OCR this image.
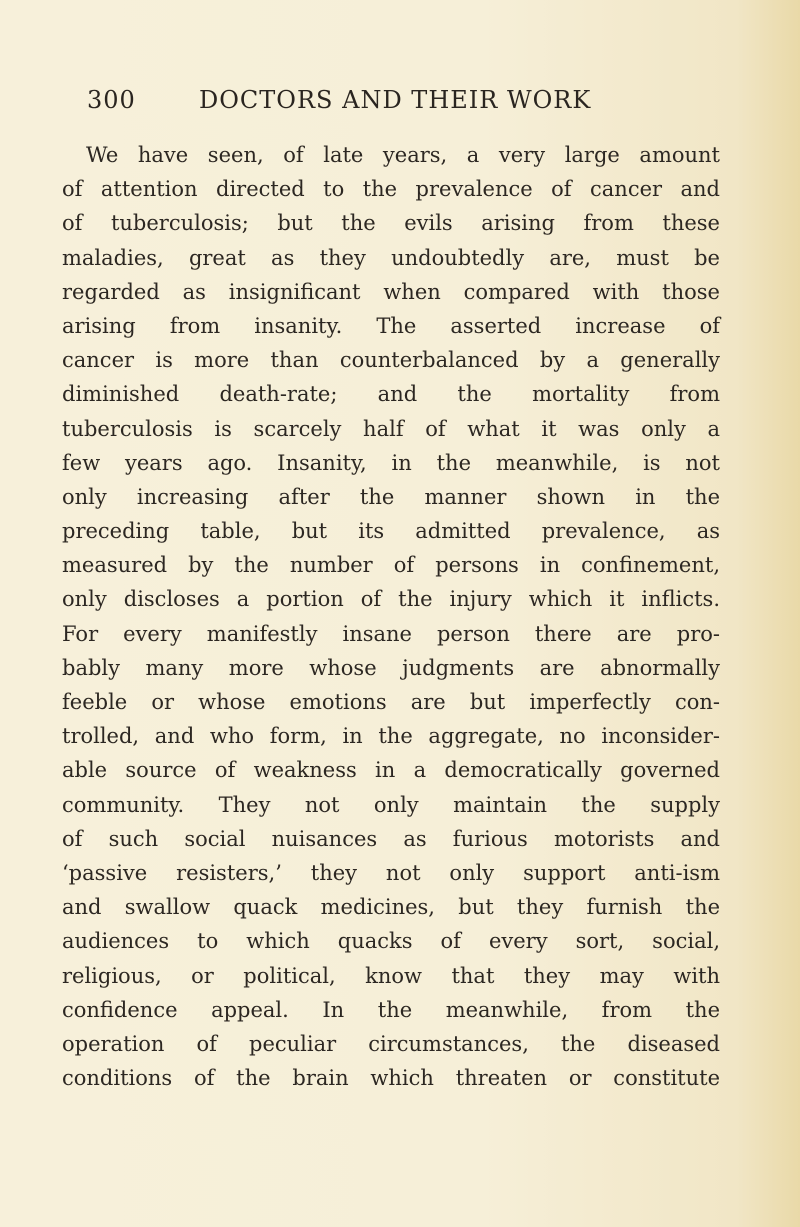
300	DOCTORS AND THEIR WORK
We have seen, of late years, a very large amount
of attention directed to the prevalence of cancer and
of tuberculosis; but the evils arising from these
maladies, great as they undoubtedly are, must be
regarded as insignificant when compared with those
arising from insanity. The asserted increase of
cancer is more than counterbalanced by a generally
diminished death-rate; and the mortality from
tuberculosis is scarcely half of what it was only a
few years ago. Insanity, in the meanwhile, is not
only increasing after the manner shown in the
preceding table, but its admitted prevalence, as
measured by the number of persons in confinement,
only discloses a portion of the injury which it inflicts.
For every manifestly insane person there are pro-
bably many more whose judgments are abnormally
feeble or whose emotions are but imperfectly con-
trolled, and who form, in the aggregate, no inconsider-
able source of weakness in a democratically governed
community. They not only maintain the supply
of such social nuisances as furious motorists and
‘passive resisters,’ they not only support anti-ism
and swallow quack medicines, but they furnish the
audiences to which quacks of every sort, social,
religious, or political, know that they may with
confidence appeal. In the meanwhile, from the
operation of peculiar circumstances, the diseased
conditions of the brain which threaten or constitute
